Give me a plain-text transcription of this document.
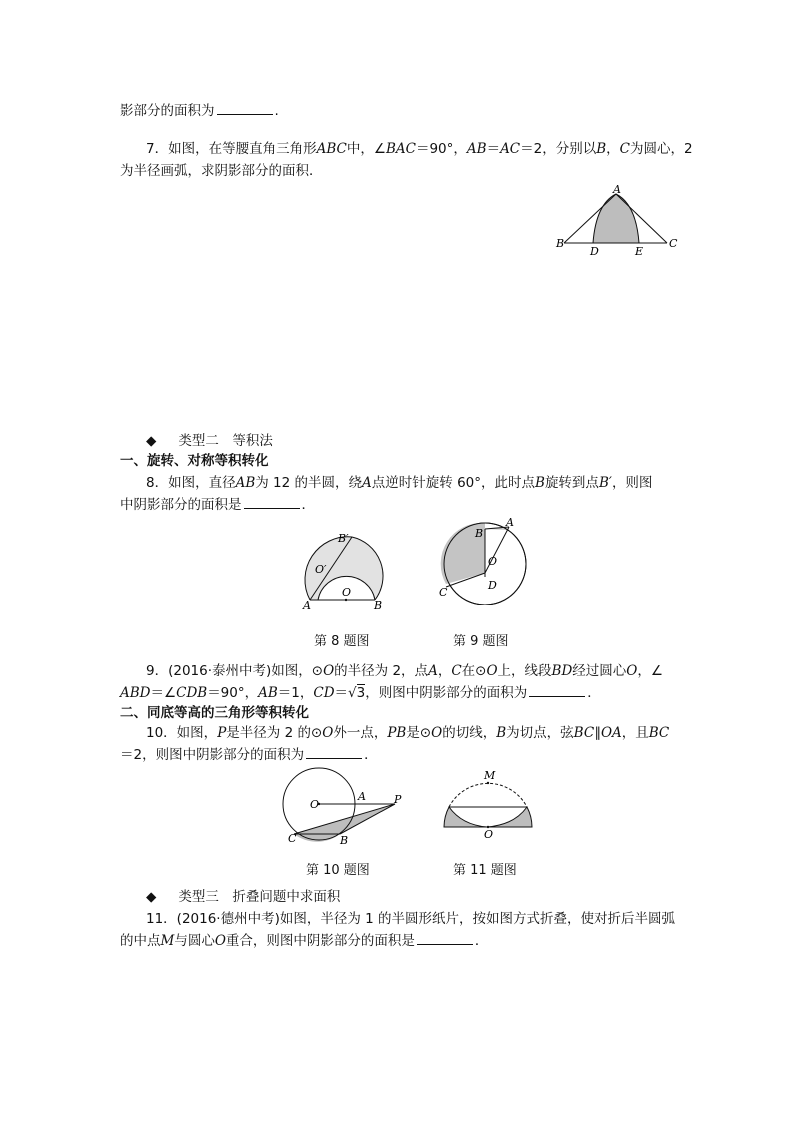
影部分的面积为	.
7．如图，在等腰直角三角形ABC中，∠BAC＝90°，AB＝AC＝2，分别以B，C为圆心，2
为半径画弧，求阴影部分的面积．
A
B	C
D	E
◆ 类型二　等积法
一、旋转、对称等积转化
8．如图，直径AB为 12 的半圆，绕A点逆时针旋转 60°，此时点B旋转到点B′，则图
中阴影部分的面积是	．
A	B
O
O′
B′
A
B
O
D
C
第 8 题图	第 9 题图
9．(2016·泰州中考)如图，⊙O的半径为 2，点A，C在⊙O上，线段BD经过圆心O，∠
ABD＝∠CDB＝90°，AB＝1，CD＝√3，则图中阴影部分的面积为	．
二、同底等高的三角形等积转化
10．如图，P是半径为 2 的⊙O外一点，PB是⊙O的切线，B为切点，弦BC∥OA，且BC
＝2，则图中阴影部分的面积为	．
O
A	P
B
C
M
O
第 10 题图	第 11 题图
◆ 类型三　折叠问题中求面积
11．(2016·德州中考)如图，半径为 1 的半圆形纸片，按如图方式折叠，使对折后半圆弧
的中点M与圆心O重合，则图中阴影部分的面积是	．
